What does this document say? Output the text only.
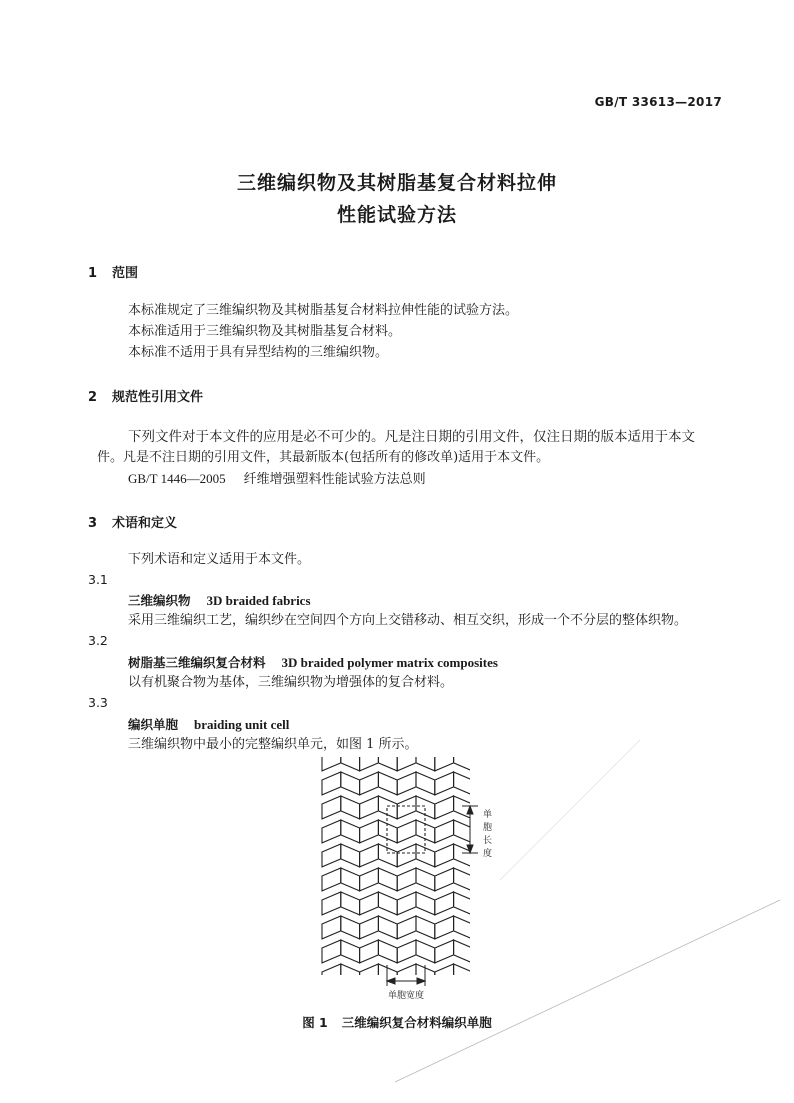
GB/T 33613—2017
三维编织物及其树脂基复合材料拉伸
性能试验方法
1 范围
本标准规定了三维编织物及其树脂基复合材料拉伸性能的试验方法。
本标准适用于三维编织物及其树脂基复合材料。
本标准不适用于具有异型结构的三维编织物。
2 规范性引用文件
下列文件对于本文件的应用是必不可少的。凡是注日期的引用文件，仅注日期的版本适用于本文
件。凡是不注日期的引用文件，其最新版本(包括所有的修改单)适用于本文件。
GB/T 1446—2005 纤维增强塑料性能试验方法总则
3 术语和定义
下列术语和定义适用于本文件。
3.1
三维编织物 3D braided fabrics
采用三维编织工艺，编织纱在空间四个方向上交错移动、相互交织，形成一个不分层的整体织物。
3.2
树脂基三维编织复合材料 3D braided polymer matrix composites
以有机聚合物为基体，三维编织物为增强体的复合材料。
3.3
编织单胞 braiding unit cell
三维编织物中最小的完整编织单元，如图 1 所示。
单
胞
长
度
单胞宽度
图 1 三维编织复合材料编织单胞
